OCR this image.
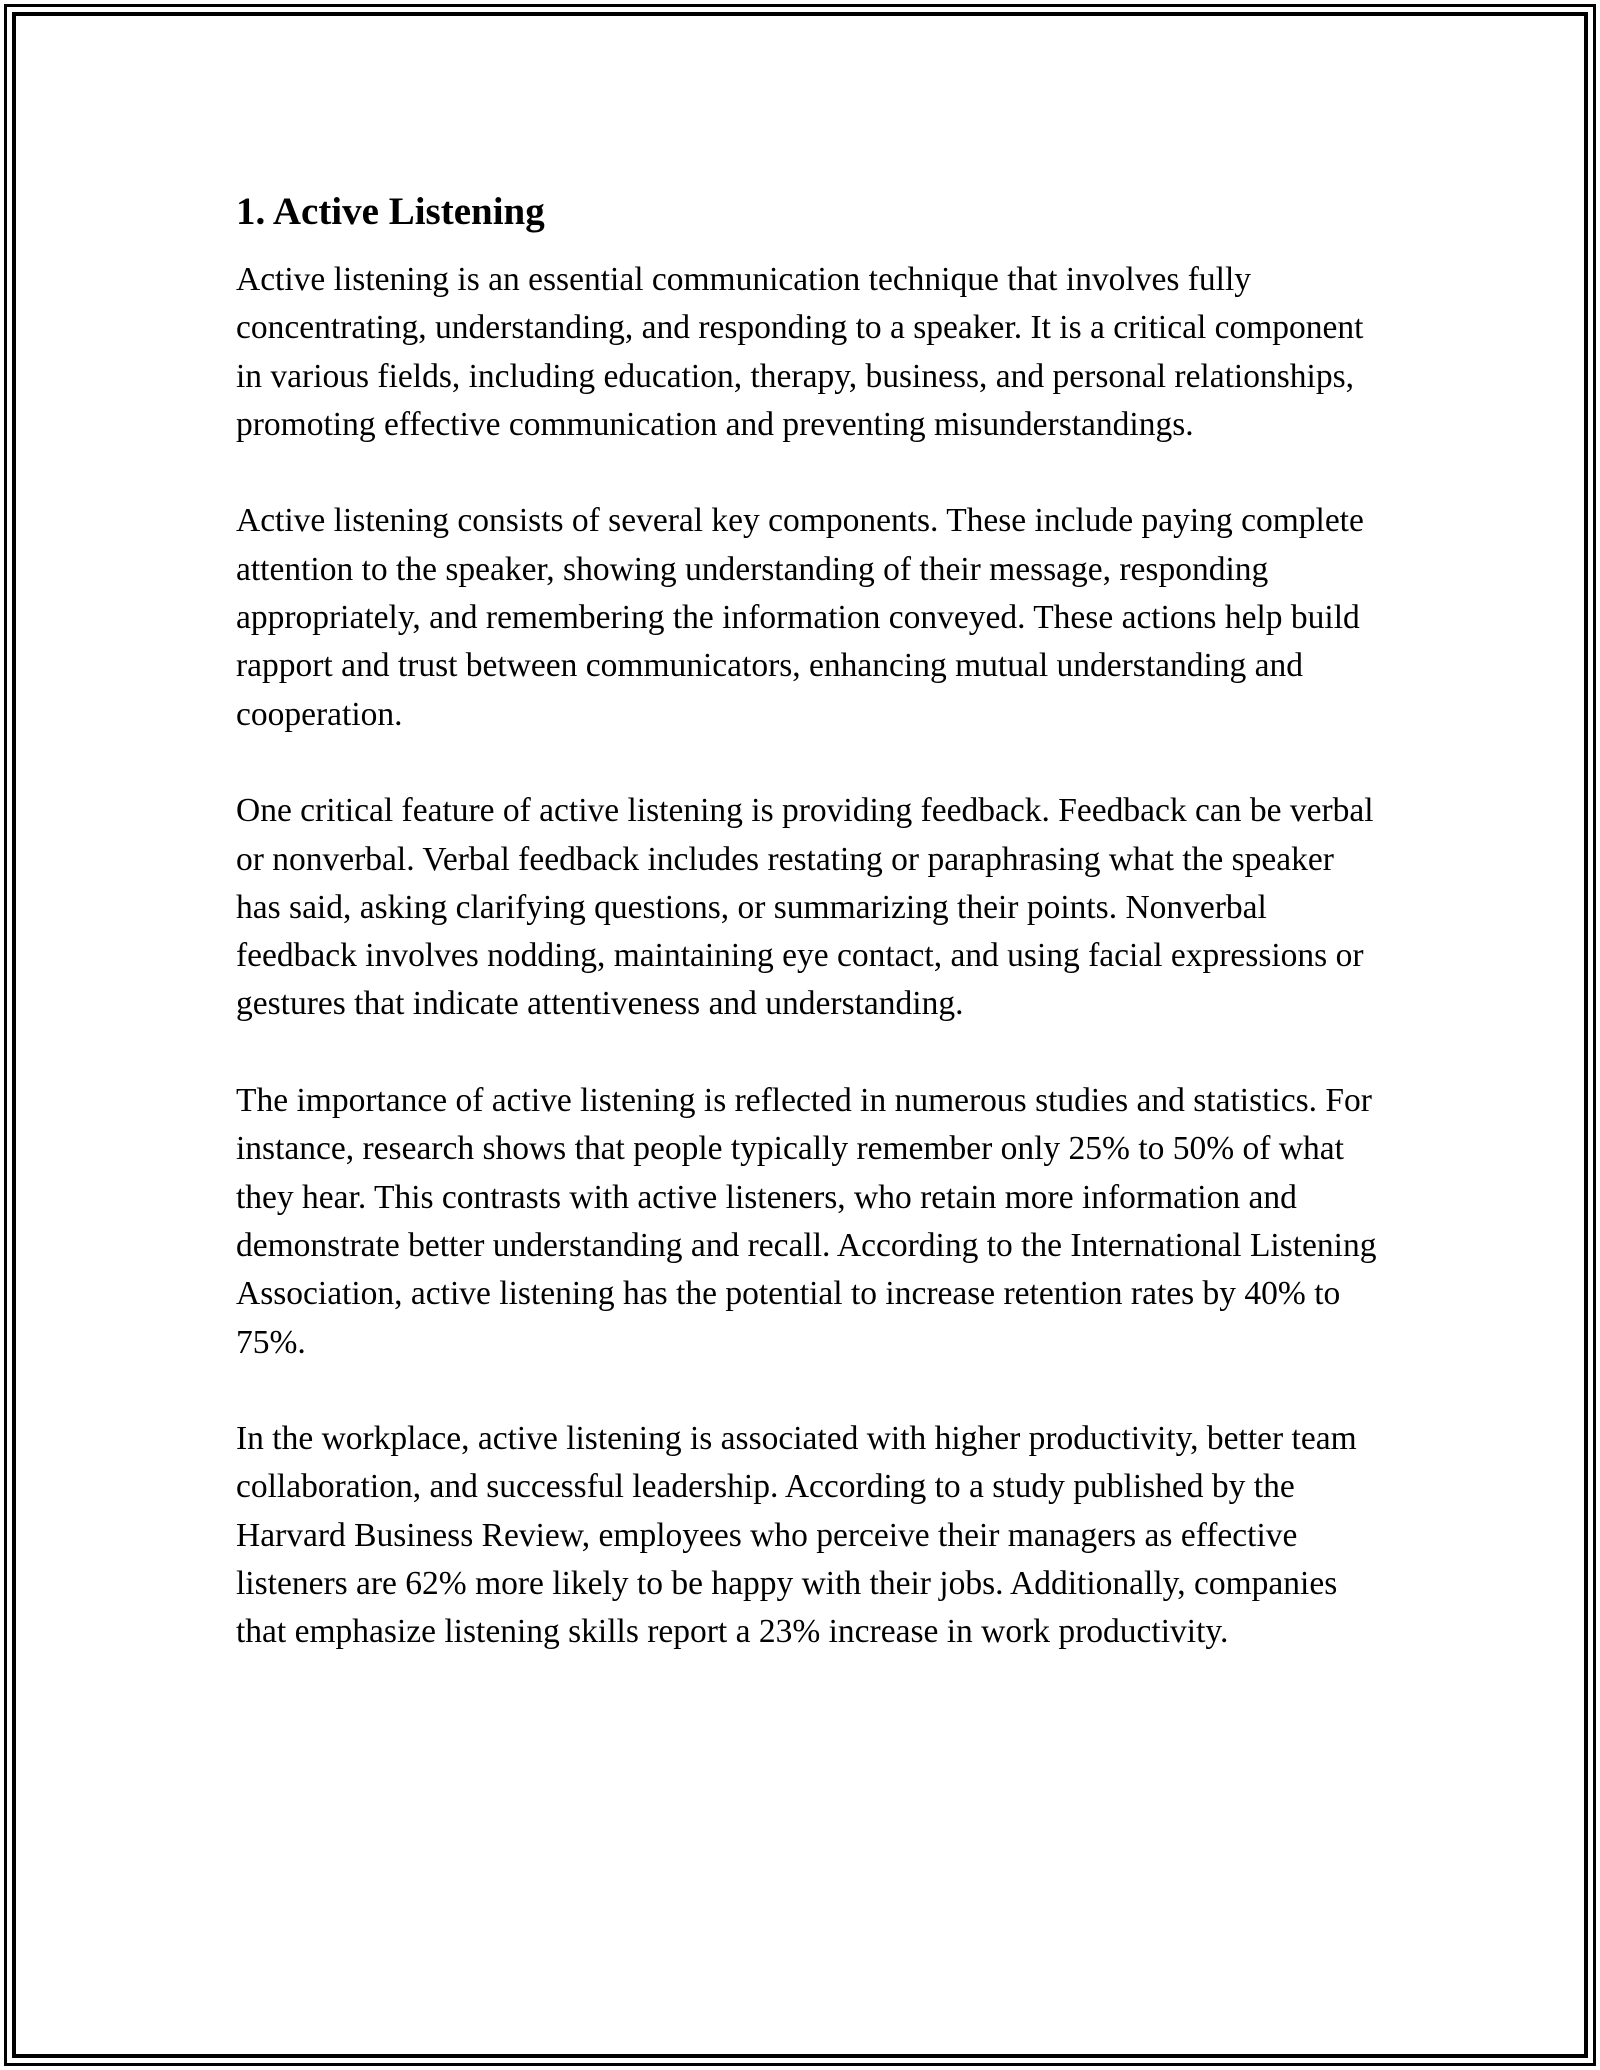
1. Active Listening

Active listening is an essential communication technique that involves fully concentrating, understanding, and responding to a speaker. It is a critical component in various fields, including education, therapy, business, and personal relationships, promoting effective communication and preventing misunderstandings.

Active listening consists of several key components. These include paying complete attention to the speaker, showing understanding of their message, responding appropriately, and remembering the information conveyed. These actions help build rapport and trust between communicators, enhancing mutual understanding and cooperation.

One critical feature of active listening is providing feedback. Feedback can be verbal or nonverbal. Verbal feedback includes restating or paraphrasing what the speaker has said, asking clarifying questions, or summarizing their points. Nonverbal feedback involves nodding, maintaining eye contact, and using facial expressions or gestures that indicate attentiveness and understanding.

The importance of active listening is reflected in numerous studies and statistics. For instance, research shows that people typically remember only 25% to 50% of what they hear. This contrasts with active listeners, who retain more information and demonstrate better understanding and recall. According to the International Listening Association, active listening has the potential to increase retention rates by 40% to 75%.

In the workplace, active listening is associated with higher productivity, better team collaboration, and successful leadership. According to a study published by the Harvard Business Review, employees who perceive their managers as effective listeners are 62% more likely to be happy with their jobs. Additionally, companies that emphasize listening skills report a 23% increase in work productivity.
